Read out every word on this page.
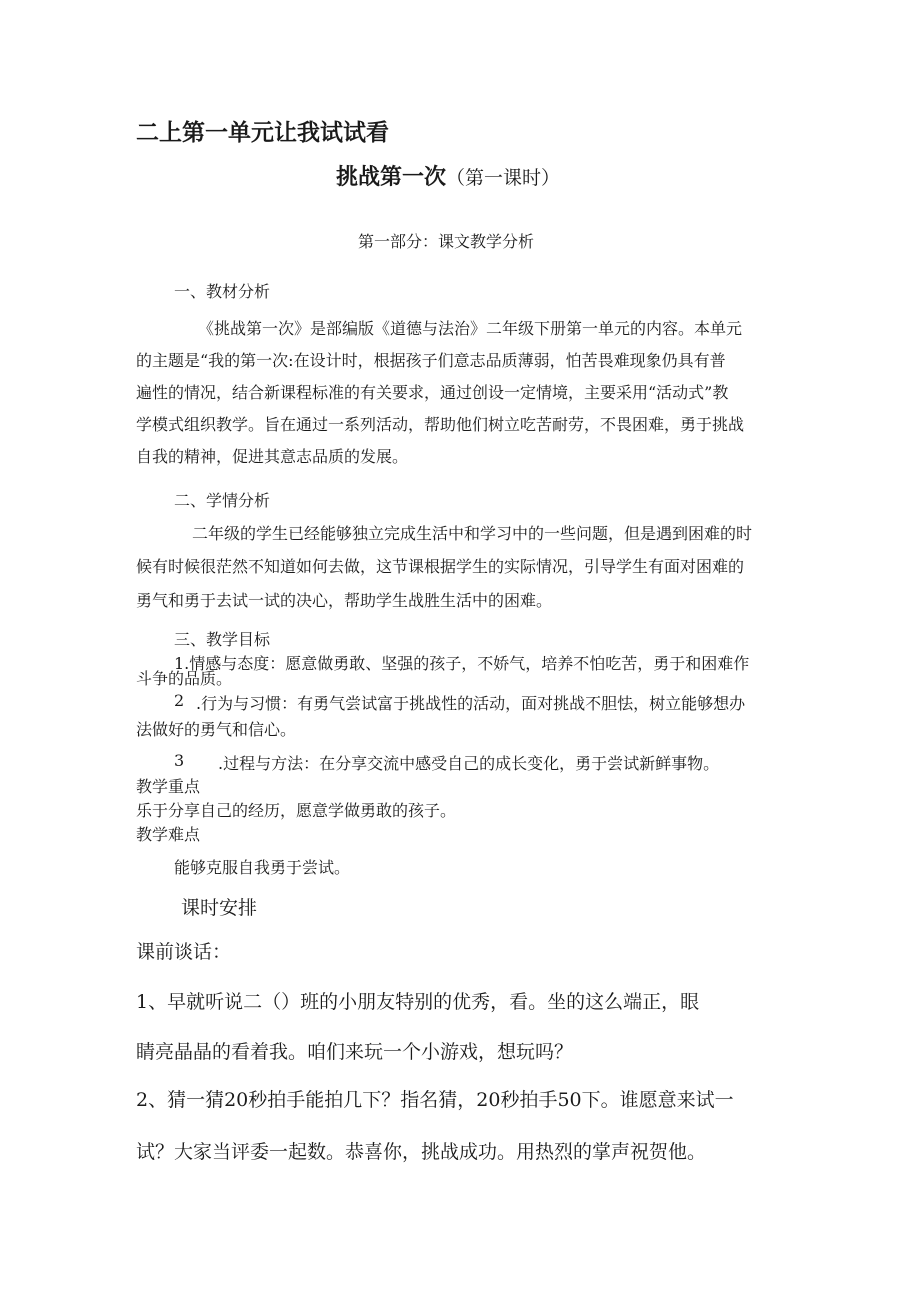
二上第一单元让我试试看
挑战第一次（第一课时）
第一部分：课文教学分析
一、教材分析
《挑战第一次》是部编版《道德与法治》二年级下册第一单元的内容。本单元
的主题是“我的第一次:在设计时，根据孩子们意志品质薄弱，怕苦畏难现象仍具有普
遍性的情况，结合新课程标准的有关要求，通过创设一定情境，主要采用“活动式”教
学模式组织教学。旨在通过一系列活动，帮助他们树立吃苦耐劳，不畏困难，勇于挑战
自我的精神，促进其意志品质的发展。
二、学情分析
二年级的学生已经能够独立完成生活中和学习中的一些问题，但是遇到困难的时
候有时候很茫然不知道如何去做，这节课根据学生的实际情况，引导学生有面对困难的
勇气和勇于去试一试的决心，帮助学生战胜生活中的困难。
三、教学目标
1.情感与态度：愿意做勇敢、坚强的孩子，不娇气，培养不怕吃苦，勇于和困难作
斗争的品质。
2 .行为与习惯：有勇气尝试富于挑战性的活动，面对挑战不胆怯，树立能够想办
法做好的勇气和信心。
3 .过程与方法：在分享交流中感受自己的成长变化，勇于尝试新鲜事物。
教学重点
乐于分享自己的经历，愿意学做勇敢的孩子。
教学难点
能够克服自我勇于尝试。
课时安排
课前谈话：
1、早就听说二（）班的小朋友特别的优秀，看。坐的这么端正，眼
睛亮晶晶的看着我。咱们来玩一个小游戏，想玩吗？
2、猜一猜20秒拍手能拍几下？指名猜，20秒拍手50下。谁愿意来试一
试？大家当评委一起数。恭喜你，挑战成功。用热烈的掌声祝贺他。
